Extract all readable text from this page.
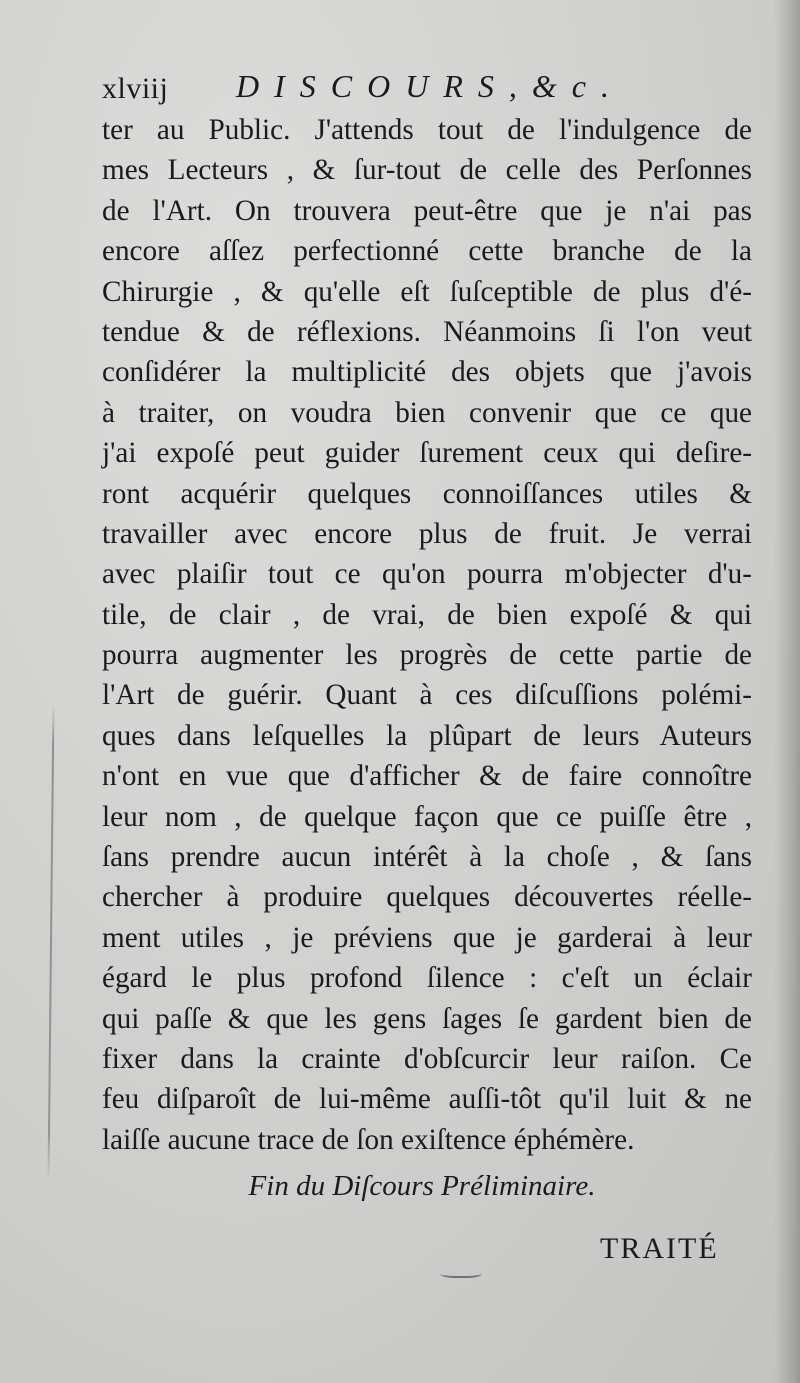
xlviij DISCOURS,&c.

ter au Public. J'attends tout de l'indulgence de
mes Lecteurs , & ſur-tout de celle des Perſonnes
de l'Art. On trouvera peut-être que je n'ai pas
encore aſſez perfectionné cette branche de la
Chirurgie , & qu'elle eſt ſuſceptible de plus d'é-
tendue & de réflexions. Néanmoins ſi l'on veut
conſidérer la multiplicité des objets que j'avois
à traiter, on voudra bien convenir que ce que
j'ai expoſé peut guider ſurement ceux qui deſire-
ront acquérir quelques connoiſſances utiles &
travailler avec encore plus de fruit. Je verrai
avec plaiſir tout ce qu'on pourra m'objecter d'u-
tile, de clair , de vrai, de bien expoſé & qui
pourra augmenter les progrès de cette partie de
l'Art de guérir. Quant à ces diſcuſſions polémi-
ques dans leſquelles la plûpart de leurs Auteurs
n'ont en vue que d'afficher & de faire connoître
leur nom , de quelque façon que ce puiſſe être ,
ſans prendre aucun intérêt à la choſe , & ſans
chercher à produire quelques découvertes réelle-
ment utiles , je préviens que je garderai à leur
égard le plus profond ſilence : c'eſt un éclair
qui paſſe & que les gens ſages ſe gardent bien de
fixer dans la crainte d'obſcurcir leur raiſon. Ce
feu diſparoît de lui-même auſſi-tôt qu'il luit & ne
laiſſe aucune trace de ſon exiſtence éphémère.

Fin du Diſcours Préliminaire.
TRAITÉ
